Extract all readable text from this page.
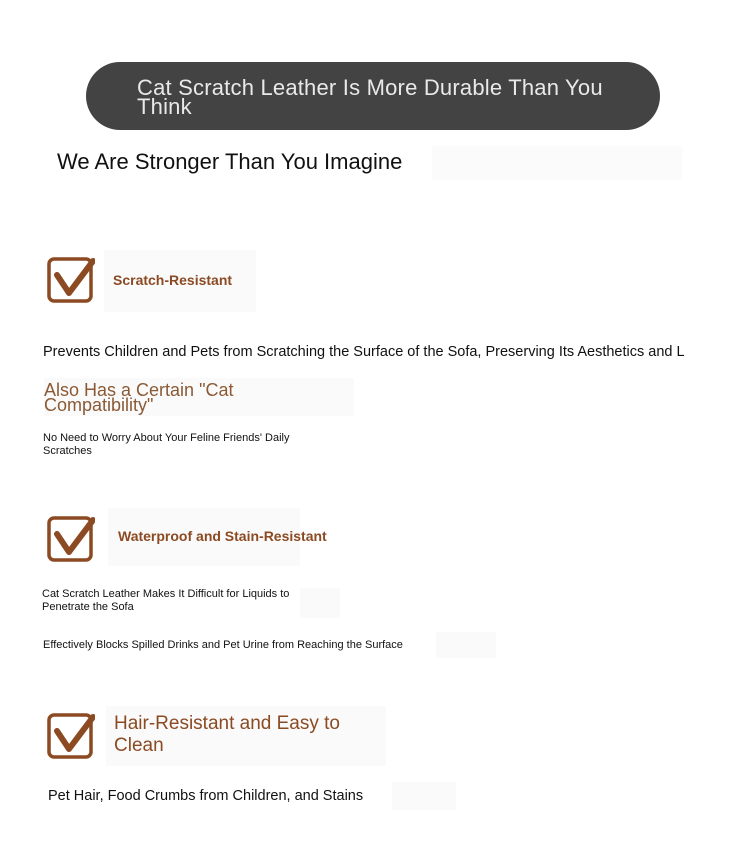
Cat Scratch Leather Is More Durable Than You Think
We Are Stronger Than You Imagine
Scratch-Resistant
Prevents Children and Pets from Scratching the Surface of the Sofa, Preserving Its Aesthetics and L
Also Has a Certain "Cat Compatibility"
No Need to Worry About Your Feline Friends' Daily Scratches
Waterproof and Stain-Resistant
Cat Scratch Leather Makes It Difficult for Liquids to Penetrate the Sofa
Effectively Blocks Spilled Drinks and Pet Urine from Reaching the Surface
Hair-Resistant and Easy to Clean
Pet Hair, Food Crumbs from Children, and Stains
